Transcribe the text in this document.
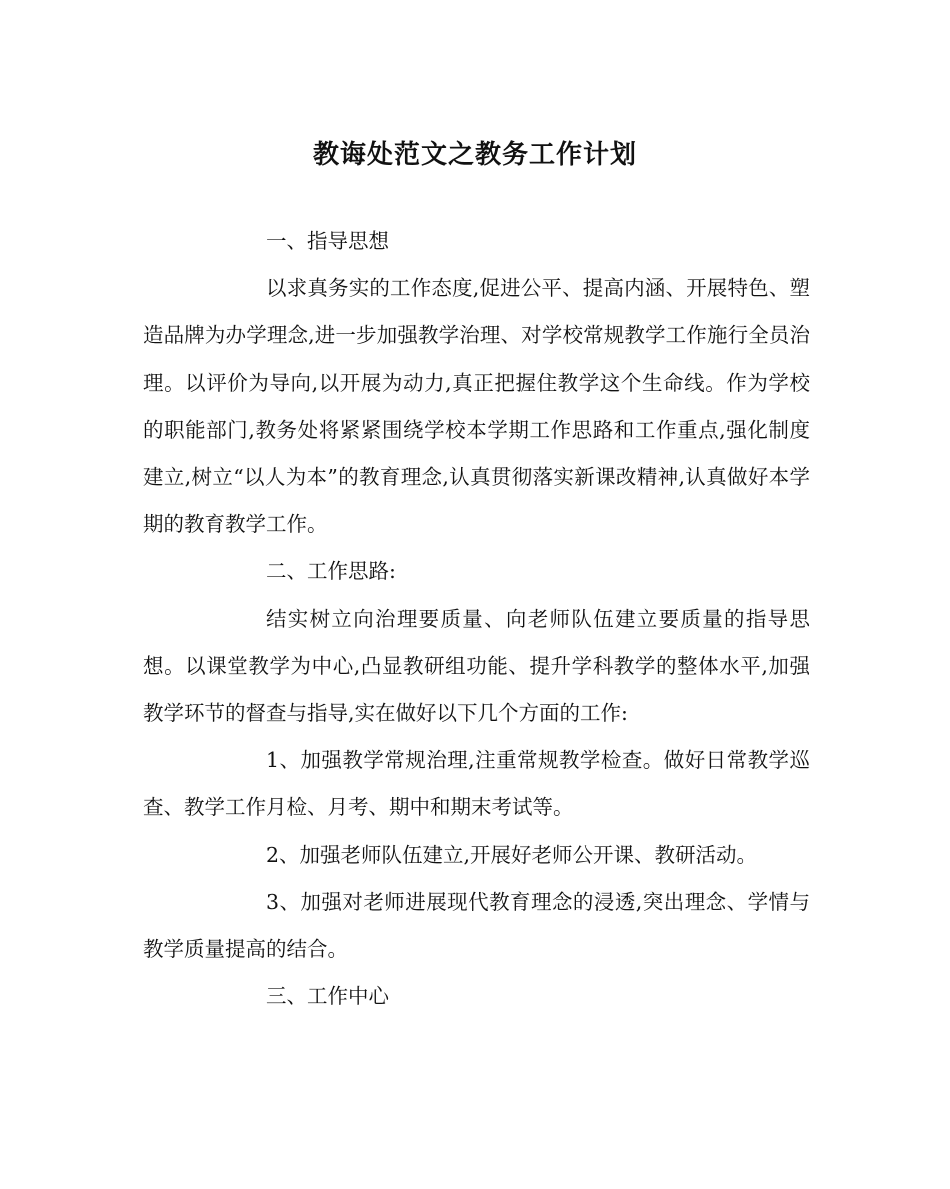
教诲处范文之教务工作计划

一、指导思想

以求真务实的工作态度,促进公平、提高内涵、开展特色、塑造品牌为办学理念,进一步加强教学治理、对学校常规教学工作施行全员治理。以评价为导向,以开展为动力,真正把握住教学这个生命线。作为学校的职能部门,教务处将紧紧围绕学校本学期工作思路和工作重点,强化制度建立,树立“以人为本”的教育理念,认真贯彻落实新课改精神,认真做好本学期的教育教学工作。

二、工作思路:

结实树立向治理要质量、向老师队伍建立要质量的指导思想。以课堂教学为中心,凸显教研组功能、提升学科教学的整体水平,加强教学环节的督查与指导,实在做好以下几个方面的工作:

1、加强教学常规治理,注重常规教学检查。做好日常教学巡查、教学工作月检、月考、期中和期末考试等。

2、加强老师队伍建立,开展好老师公开课、教研活动。

3、加强对老师进展现代教育理念的浸透,突出理念、学情与教学质量提高的结合。

三、工作中心
